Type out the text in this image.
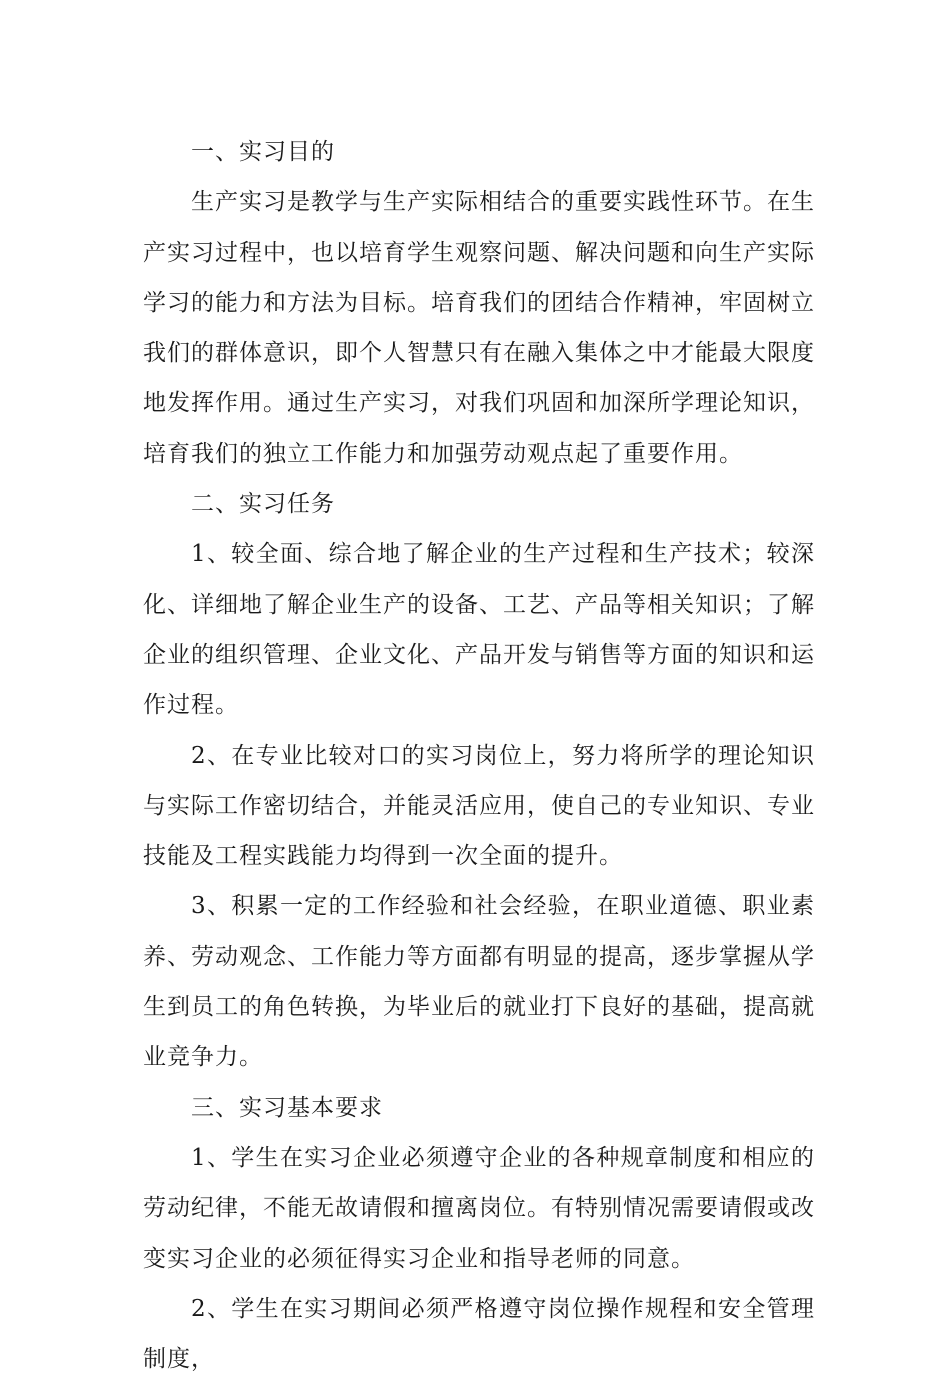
一、实习目的

生产实习是教学与生产实际相结合的重要实践性环节。在生产实习过程中，也以培育学生观察问题、解决问题和向生产实际学习的能力和方法为目标。培育我们的团结合作精神，牢固树立我们的群体意识，即个人智慧只有在融入集体之中才能最大限度地发挥作用。通过生产实习，对我们巩固和加深所学理论知识，培育我们的独立工作能力和加强劳动观点起了重要作用。

二、实习任务

1、较全面、综合地了解企业的生产过程和生产技术；较深化、详细地了解企业生产的设备、工艺、产品等相关知识；了解企业的组织管理、企业文化、产品开发与销售等方面的知识和运作过程。

2、在专业比较对口的实习岗位上，努力将所学的理论知识与实际工作密切结合，并能灵活应用，使自己的专业知识、专业技能及工程实践能力均得到一次全面的提升。

3、积累一定的工作经验和社会经验，在职业道德、职业素养、劳动观念、工作能力等方面都有明显的提高，逐步掌握从学生到员工的角色转换，为毕业后的就业打下良好的基础，提高就业竞争力。

三、实习基本要求

1、学生在实习企业必须遵守企业的各种规章制度和相应的劳动纪律，不能无故请假和擅离岗位。有特别情况需要请假或改变实习企业的必须征得实习企业和指导老师的同意。

2、学生在实习期间必须严格遵守岗位操作规程和安全管理制度，
